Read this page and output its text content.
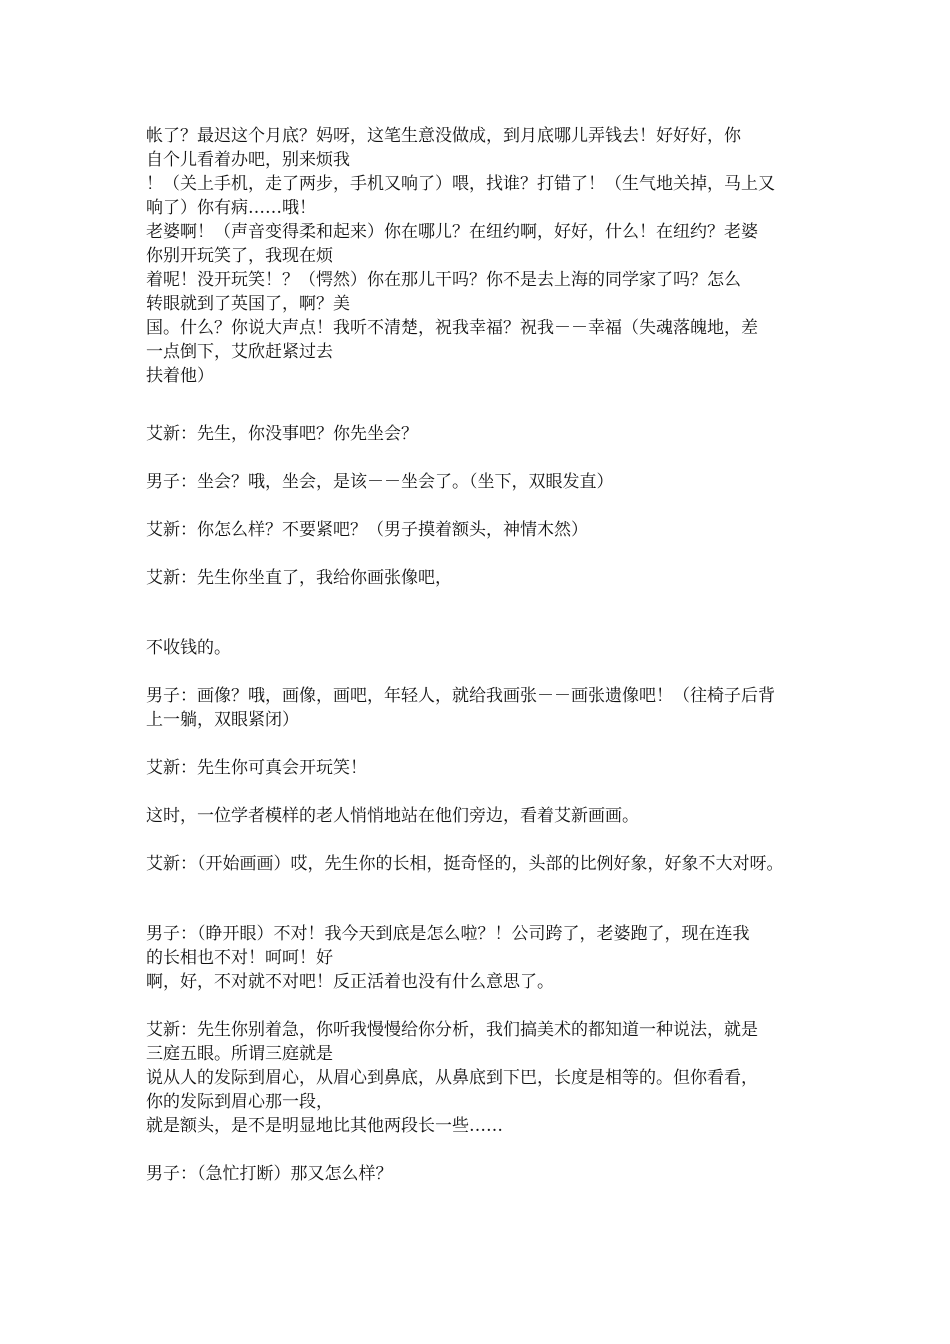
帐了？最迟这个月底？妈呀，这笔生意没做成，到月底哪儿弄钱去！好好好，你
自个儿看着办吧，别来烦我
！（关上手机，走了两步，手机又响了）喂，找谁？打错了！（生气地关掉，马上又
响了）你有病……哦！
老婆啊！（声音变得柔和起来）你在哪儿？在纽约啊，好好，什么！在纽约？老婆
你别开玩笑了，我现在烦
着呢！没开玩笑！？（愕然）你在那儿干吗？你不是去上海的同学家了吗？怎么
转眼就到了英国了，啊？美
国。什么？你说大声点！我听不清楚，祝我幸福？祝我－－幸福（失魂落魄地，差
一点倒下，艾欣赶紧过去
扶着他）
艾新：先生，你没事吧？你先坐会？
男子：坐会？哦，坐会，是该－－坐会了。（坐下，双眼发直）
艾新：你怎么样？不要紧吧？（男子摸着额头，神情木然）
艾新：先生你坐直了，我给你画张像吧，
不收钱的。
男子：画像？哦，画像，画吧，年轻人，就给我画张－－画张遗像吧！（往椅子后背
上一躺，双眼紧闭）
艾新：先生你可真会开玩笑！
这时，一位学者模样的老人悄悄地站在他们旁边，看着艾新画画。
艾新：（开始画画）哎，先生你的长相，挺奇怪的，头部的比例好象，好象不大对呀。
男子：（睁开眼）不对！我今天到底是怎么啦？！公司跨了，老婆跑了，现在连我
的长相也不对！呵呵！好
啊，好，不对就不对吧！反正活着也没有什么意思了。
艾新：先生你别着急，你听我慢慢给你分析，我们搞美术的都知道一种说法，就是
三庭五眼。所谓三庭就是
说从人的发际到眉心，从眉心到鼻底，从鼻底到下巴，长度是相等的。但你看看，
你的发际到眉心那一段，
就是额头，是不是明显地比其他两段长一些……
男子：（急忙打断）那又怎么样？
